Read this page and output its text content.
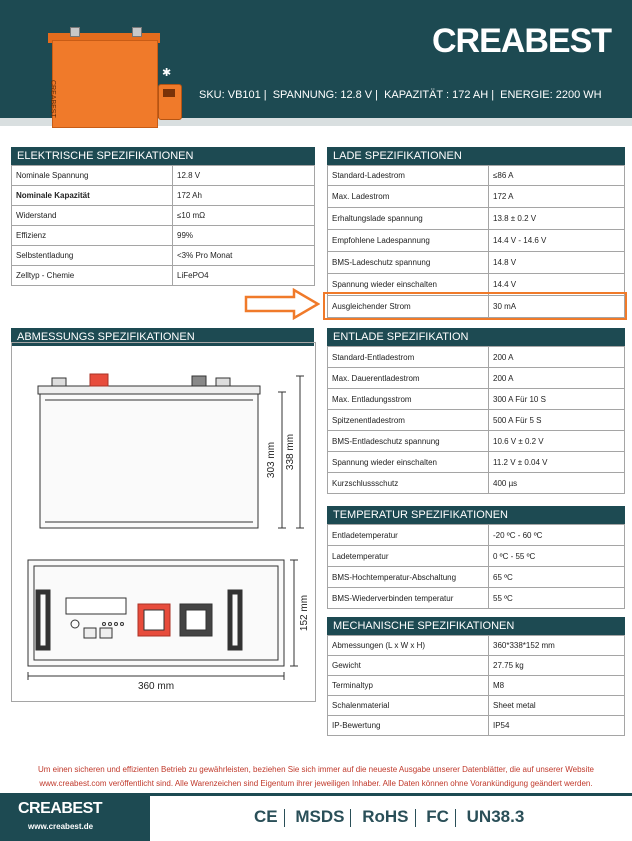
CREABEST
✱
CREABEST
SKU: VB101 | SPANNUNG: 12.8 V | KAPAZITÄT : 172 AH | ENERGIE: 2200 WH
ELEKTRISCHE SPEZIFIKATIONEN
Nominale Spannung	12.8 V
Nominale Kapazität	172 Ah
Widerstand	≤10 mΩ
Effizienz	99%
Selbstentladung	<3% Pro Monat
Zelltyp - Chemie	LiFePO4
LADE SPEZIFIKATIONEN
Standard-Ladestrom	≤86 A
Max. Ladestrom	172 A
Erhaltungslade spannung	13.8 ± 0.2 V
Empfohlene Ladespannung	14.4 V - 14.6 V
BMS-Ladeschutz spannung	14.8 V
Spannung wieder einschalten	14.4 V
Ausgleichender Strom	30 mA
ENTLADE SPEZIFIKATION
Standard-Entladestrom	200 A
Max. Dauerentladestrom	200 A
Max. Entladungsstrom	300 A Für 10 S
Spitzenentladestrom	500 A Für 5 S
BMS-Entladeschutz spannung	10.6 V ± 0.2 V
Spannung wieder einschalten	11.2 V ± 0.04 V
Kurzschlussschutz	400 µs
TEMPERATUR SPEZIFIKATIONEN
Entladetemperatur	-20 ºC - 60 ºC
Ladetemperatur	0 ºC - 55 ºC
BMS-Hochtemperatur-Abschaltung	65 ºC
BMS-Wiederverbinden temperatur	55 ºC
MECHANISCHE SPEZIFIKATIONEN
Abmessungen (L x W x H)	360*338*152 mm
Gewicht	27.75 kg
Terminaltyp	M8
Schalenmaterial	Sheet metal
IP-Bewertung	IP54
ABMESSUNGS SPEZIFIKATIONEN
303 mm 338 mm
152 mm
360 mm
Um einen sicheren und effizienten Betrieb zu gewährleisten, beziehen Sie sich immer auf die neueste Ausgabe unserer Datenblätter, die auf unserer Website
www.creabest.com veröffentlicht sind. Alle Warenzeichen sind Eigentum ihrer jeweiligen Inhaber. Alle Daten können ohne Vorankündigung geändert werden.
CREABEST
www.creabest.de
CE MSDS RoHS FC UN38.3
